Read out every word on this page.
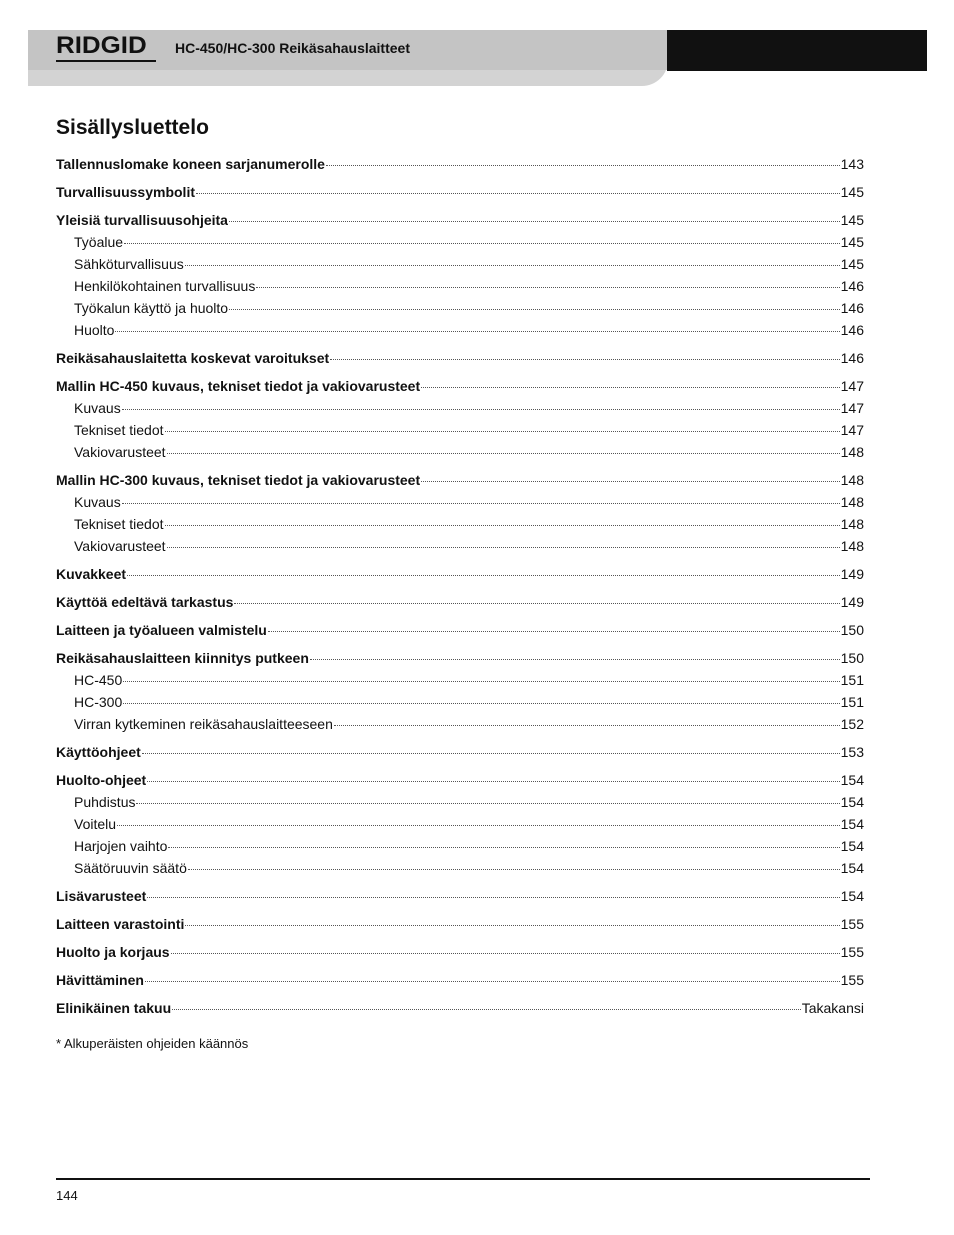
RIDGID HC-450/HC-300 Reikäsahauslaitteet
Sisällysluettelo
Tallennuslomake koneen sarjanumerolle	143
Turvallisuussymbolit	145
Yleisiä turvallisuusohjeita	145
Työalue	145
Sähköturvallisuus	145
Henkilökohtainen turvallisuus	146
Työkalun käyttö ja huolto	146
Huolto	146
Reikäsahauslaitetta koskevat varoitukset	146
Mallin HC-450 kuvaus, tekniset tiedot ja vakiovarusteet	147
Kuvaus	147
Tekniset tiedot	147
Vakiovarusteet	148
Mallin HC-300 kuvaus, tekniset tiedot ja vakiovarusteet	148
Kuvaus	148
Tekniset tiedot	148
Vakiovarusteet	148
Kuvakkeet	149
Käyttöä edeltävä tarkastus	149
Laitteen ja työalueen valmistelu	150
Reikäsahauslaitteen kiinnitys putkeen	150
HC-450	151
HC-300	151
Virran kytkeminen reikäsahauslaitteeseen	152
Käyttöohjeet	153
Huolto-ohjeet	154
Puhdistus	154
Voitelu	154
Harjojen vaihto	154
Säätöruuvin säätö	154
Lisävarusteet	154
Laitteen varastointi	155
Huolto ja korjaus	155
Hävittäminen	155
Elinikäinen takuu	Takakansi
* Alkuperäisten ohjeiden käännös
144
